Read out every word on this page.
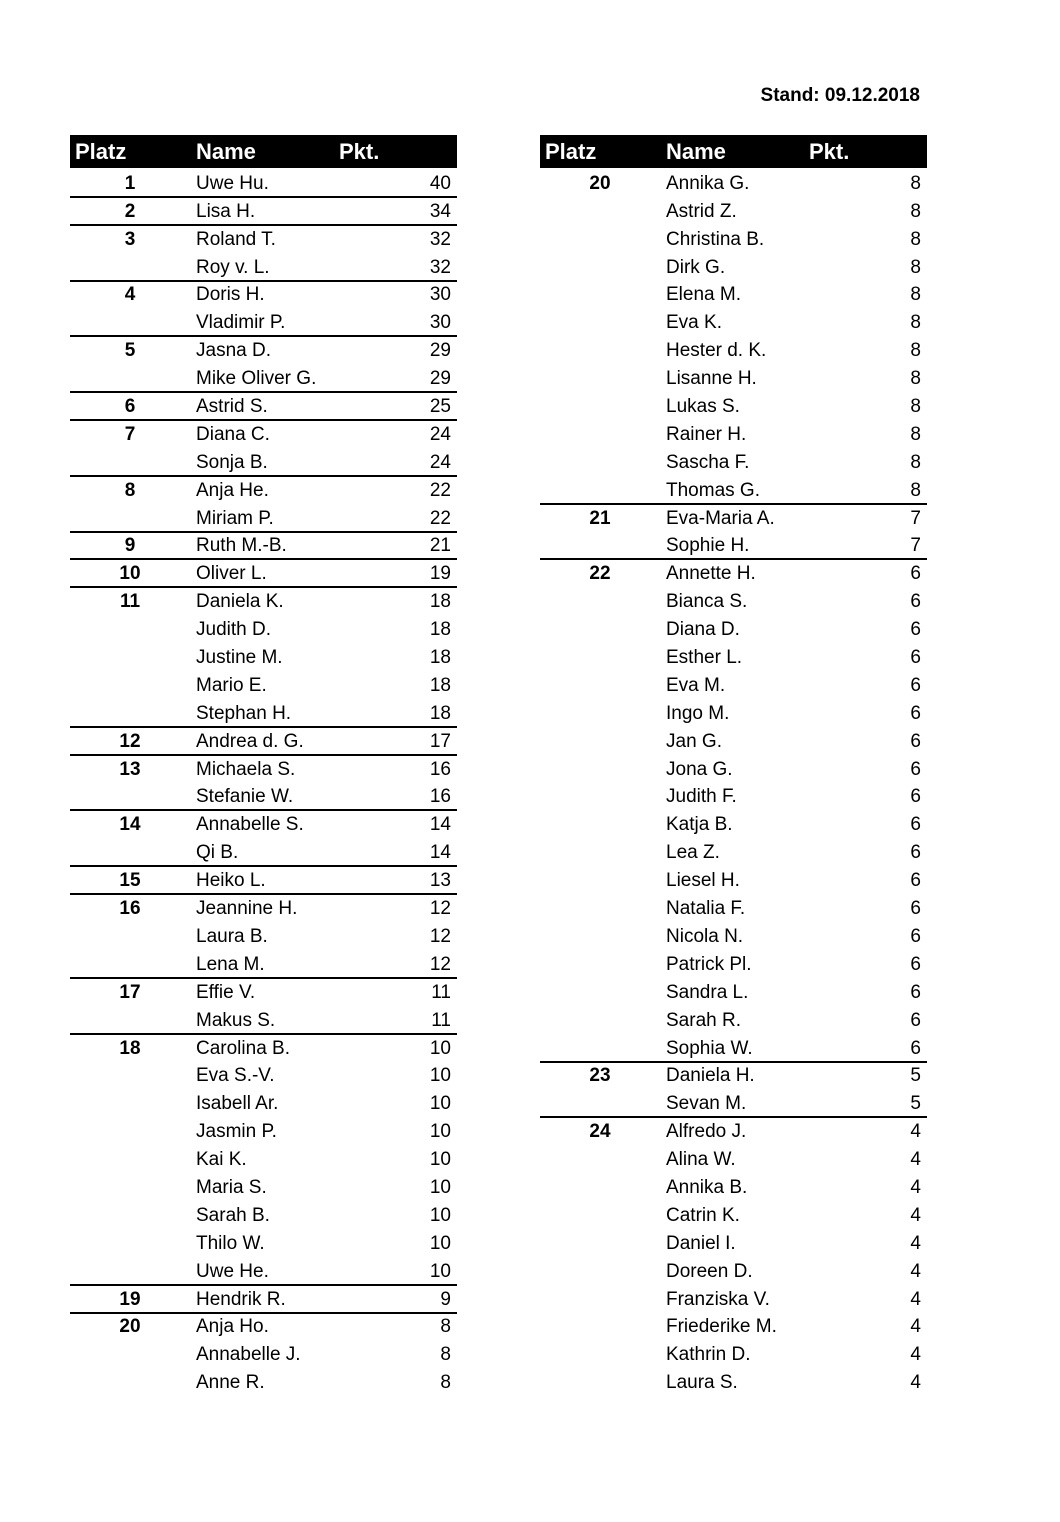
Stand: 09.12.2018
Platz	Name	Pkt.
1	Uwe Hu.	40
2	Lisa H.	34
3	Roland T.	32
Roy v. L.	32
4	Doris H.	30
Vladimir P.	30
5	Jasna D.	29
Mike Oliver G.	29
6	Astrid S.	25
7	Diana C.	24
Sonja B.	24
8	Anja He.	22
Miriam P.	22
9	Ruth M.-B.	21
10	Oliver L.	19
11	Daniela K.	18
Judith D.	18
Justine M.	18
Mario E.	18
Stephan H.	18
12	Andrea d. G.	17
13	Michaela S.	16
Stefanie W.	16
14	Annabelle S.	14
Qi B.	14
15	Heiko L.	13
16	Jeannine H.	12
Laura B.	12
Lena M.	12
17	Effie V.	11
Makus S.	11
18	Carolina B.	10
Eva S.-V.	10
Isabell Ar.	10
Jasmin P.	10
Kai K.	10
Maria S.	10
Sarah B.	10
Thilo W.	10
Uwe He.	10
19	Hendrik R.	9
20	Anja Ho.	8
Annabelle J.	8
Anne R.	8
Platz	Name	Pkt.
20	Annika G.	8
Astrid Z.	8
Christina B.	8
Dirk G.	8
Elena M.	8
Eva K.	8
Hester d. K.	8
Lisanne H.	8
Lukas S.	8
Rainer H.	8
Sascha F.	8
Thomas G.	8
21	Eva-Maria A.	7
Sophie H.	7
22	Annette H.	6
Bianca S.	6
Diana D.	6
Esther L.	6
Eva M.	6
Ingo M.	6
Jan G.	6
Jona G.	6
Judith F.	6
Katja B.	6
Lea Z.	6
Liesel H.	6
Natalia F.	6
Nicola N.	6
Patrick Pl.	6
Sandra L.	6
Sarah R.	6
Sophia W.	6
23	Daniela H.	5
Sevan M.	5
24	Alfredo J.	4
Alina W.	4
Annika B.	4
Catrin K.	4
Daniel I.	4
Doreen D.	4
Franziska V.	4
Friederike M.	4
Kathrin D.	4
Laura S.	4
